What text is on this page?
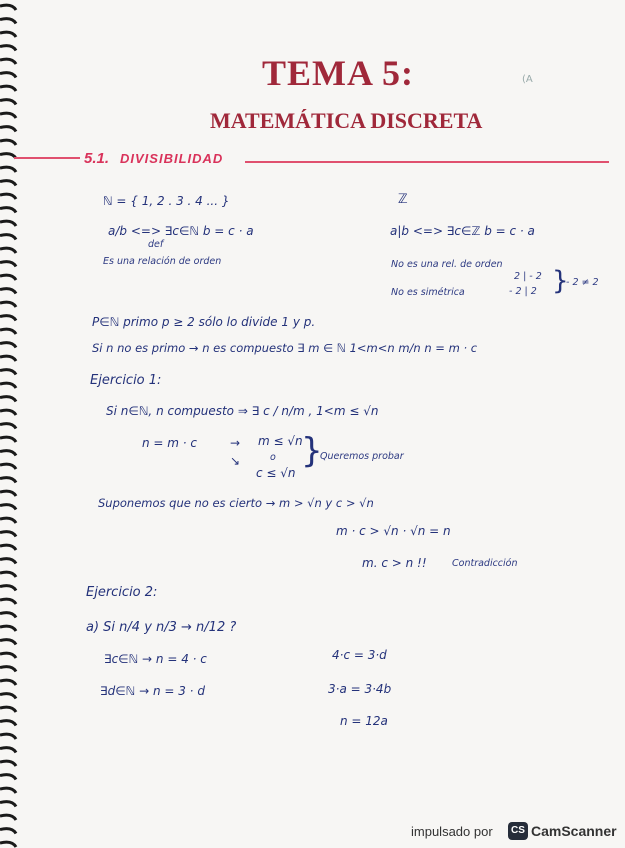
TEMA 5:
MATEMÁTICA DISCRETA
(A
5.1. DIVISIBILIDAD
ℕ = { 1, 2 . 3 . 4 ... }	ℤ
a/b <=> ∃c∈ℕ b = c · a
def
a|b <=> ∃c∈ℤ b = c · a
Es una relación de orden	No es una rel. de orden
2 | - 2
- 2 | 2 }
- 2 ≠ 2
No es simétrica
P∈ℕ primo p ≥ 2 sólo lo divide 1 y p.
Si n no es primo → n es compuesto ∃ m ∈ ℕ 1<m<n m/n n = m · c
Ejercicio 1:
Si n∈ℕ, n compuesto ⇒ ∃ c / n/m , 1<m ≤ √n
n = m · c	→
↘
m ≤ √n
o
c ≤ √n
}
Queremos probar
Suponemos que no es cierto → m > √n y c > √n
m · c > √n · √n = n
m. c > n !!	Contradicción
Ejercicio 2:
a) Si n/4 y n/3 → n/12 ?
∃c∈ℕ → n = 4 · c
∃d∈ℕ → n = 3 · d
4·c = 3·d
3·a = 3·4b
n = 12a
impulsado por	CS CamScanner
